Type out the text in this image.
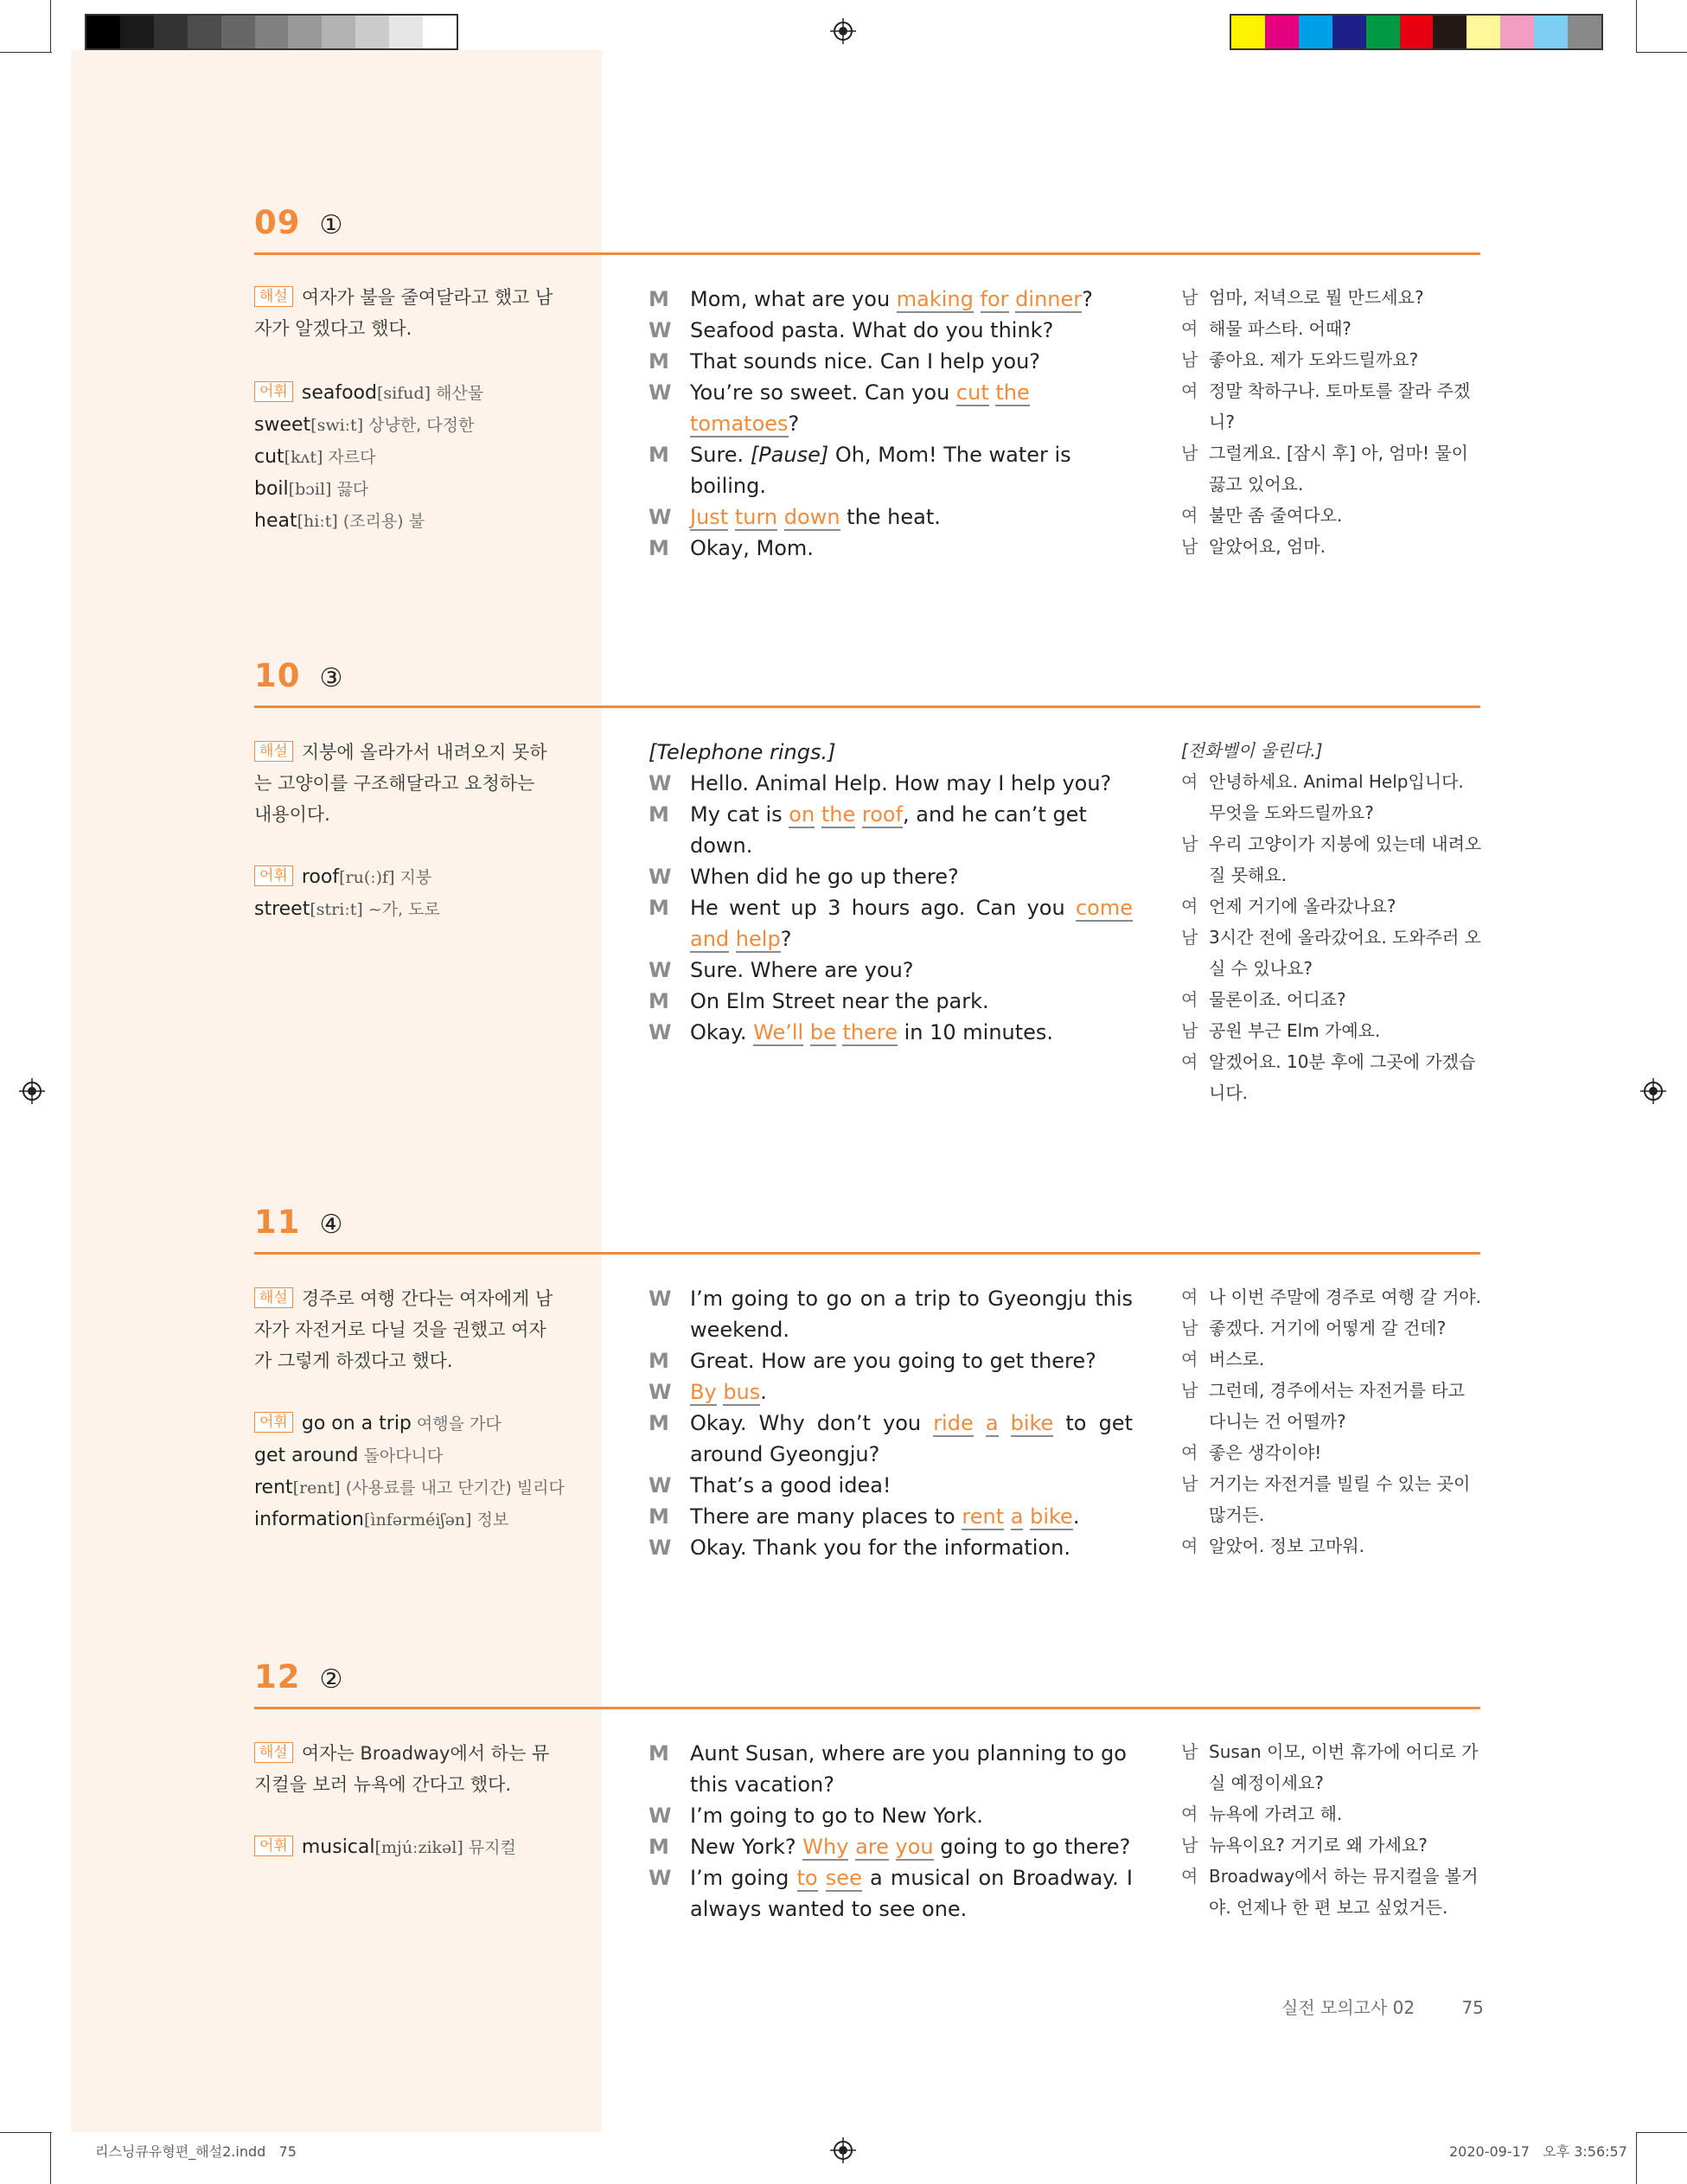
09 ①
해설 여자가 불을 줄여달라고 했고 남자가 알겠다고 했다.
어휘 seafood[sifud] 해산물
sweet[swiːt] 상냥한, 다정한
cut[kʌt] 자르다
boil[bɔil] 끓다
heat[hiːt] (조리용) 불
M	Mom, what are you making for dinner?
W Seafood pasta. What do you think?
M	That sounds nice. Can I help you?
W You’re so sweet. Can you cut the tomatoes?
M	Sure. [Pause] Oh, Mom! The water is boiling.
W Just turn down the heat.
M	Okay, Mom.
남 엄마, 저녁으로 뭘 만드세요?
여 해물 파스타. 어때?
남 좋아요. 제가 도와드릴까요?
여 정말 착하구나. 토마토를 잘라 주겠니?
남 그럴게요. [잠시 후] 아, 엄마! 물이 끓고 있어요.
여 불만 좀 줄여다오.
남 알았어요, 엄마.
10 ③
해설 지붕에 올라가서 내려오지 못하는 고양이를 구조해달라고 요청하는 내용이다.
어휘 roof[ru(ː)f] 지붕
street[striːt] ~가, 도로
[Telephone rings.]
W Hello. Animal Help. How may I help you?
M	My cat is on the roof, and he can’t get down.
W When did he go up there?
M	He went up 3 hours ago. Can you come and help?
W Sure. Where are you?
M	On Elm Street near the park.
W Okay. We’ll be there in 10 minutes.
[전화벨이 울린다.]
여 안녕하세요. Animal Help입니다. 무엇을 도와드릴까요?
남 우리 고양이가 지붕에 있는데 내려오질 못해요.
여 언제 거기에 올라갔나요?
남 3시간 전에 올라갔어요. 도와주러 오실 수 있나요?
여 물론이죠. 어디죠?
남 공원 부근 Elm 가예요.
여 알겠어요. 10분 후에 그곳에 가겠습니다.
11 ④
해설 경주로 여행 간다는 여자에게 남자가 자전거로 다닐 것을 권했고 여자가 그렇게 하겠다고 했다.
어휘 go on a trip 여행을 가다
get around 돌아다니다
rent[rent] (사용료를 내고 단기간) 빌리다
information[ìnfərméiʃən] 정보
W I’m going to go on a trip to Gyeongju this weekend.
M	Great. How are you going to get there?
W By bus.
M	Okay. Why don’t you ride a bike to get around Gyeongju?
W That’s a good idea!
M	There are many places to rent a bike.
W Okay. Thank you for the information.
여 나 이번 주말에 경주로 여행 갈 거야.
남 좋겠다. 거기에 어떻게 갈 건데?
여 버스로.
남 그런데, 경주에서는 자전거를 타고 다니는 건 어떨까?
여 좋은 생각이야!
남 거기는 자전거를 빌릴 수 있는 곳이 많거든.
여 알았어. 정보 고마워.
12 ②
해설 여자는 Broadway에서 하는 뮤지컬을 보러 뉴욕에 간다고 했다.
어휘 musical[mjúːzikəl] 뮤지컬
M	Aunt Susan, where are you planning to go this vacation?
W I’m going to go to New York.
M	New York? Why are you going to go there?
W I’m going to see a musical on Broadway. I always wanted to see one.
남 Susan 이모, 이번 휴가에 어디로 가실 예정이세요?
여 뉴욕에 가려고 해.
남 뉴욕이요? 거기로 왜 가세요?
여 Broadway에서 하는 뮤지컬을 볼거야. 언제나 한 편 보고 싶었거든.
실전 모의고사 02	75
리스닝큐유형편_해설2.indd   75	2020-09-17   오후 3:56:57
